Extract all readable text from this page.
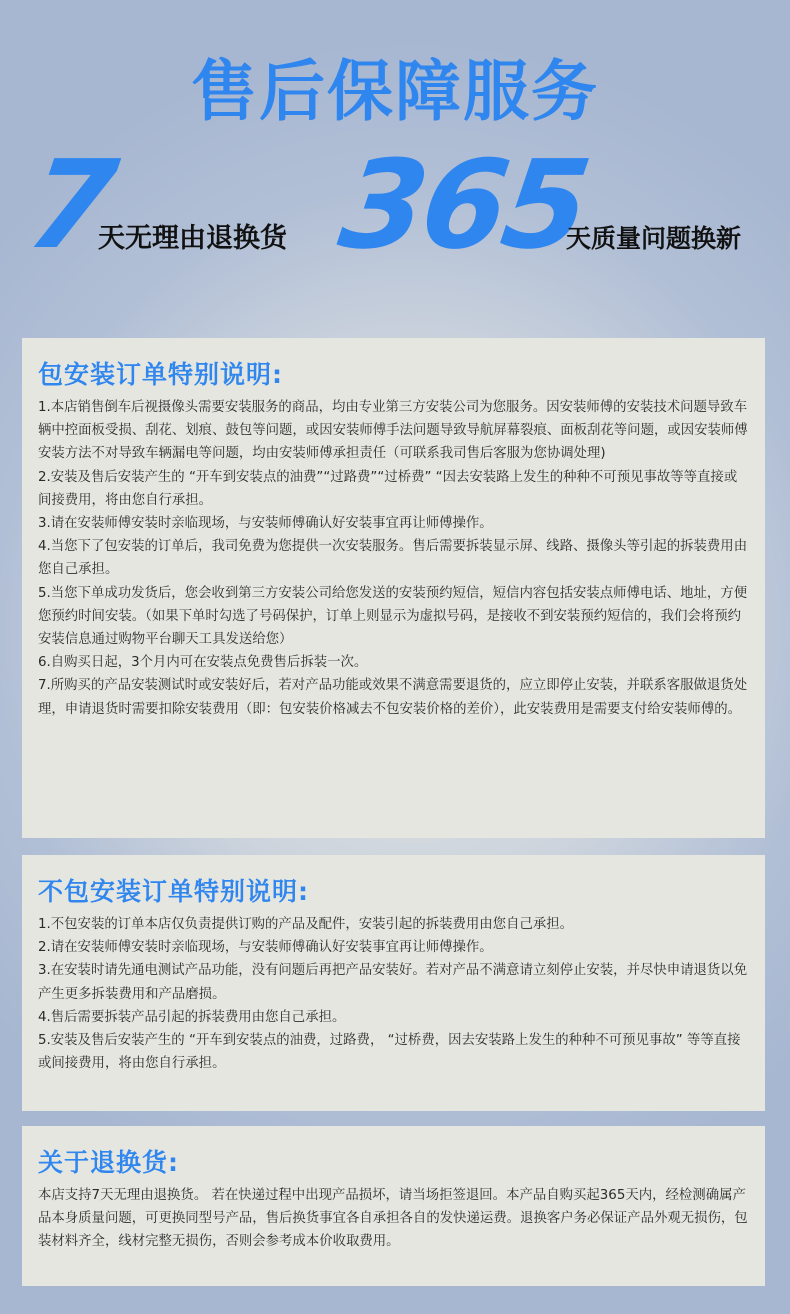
售后保障服务
7
天无理由退换货 365
天质量问题换新
包安装订单特别说明:

1.本店销售倒车后视摄像头需要安装服务的商品，均由专业第三方安装公司为您服务。因安装师傅的安装技术问题导致车辆中控面板受损、刮花、划痕、鼓包等问题，或因安装师傅手法问题导致导航屏幕裂痕、面板刮花等问题，或因安装师傅安装方法不对导致车辆漏电等问题，均由安装师傅承担责任（可联系我司售后客服为您协调处理)

2.安装及售后安装产生的 “开车到安装点的油费”“过路费”“过桥费” “因去安装路上发生的种种不可预见事故等等直接或间接费用，将由您自行承担。

3.请在安装师傅安装时亲临现场，与安装师傅确认好安装事宜再让师傅操作。

4.当您下了包安装的订单后，我司免费为您提供一次安装服务。售后需要拆装显示屏、线路、摄像头等引起的拆装费用由您自己承担。

5.当您下单成功发货后，您会收到第三方安装公司给您发送的安装预约短信，短信内容包括安装点师傅电话、地址，方便您预约时间安装。（如果下单时勾选了号码保护，订单上则显示为虚拟号码，是接收不到安装预约短信的，我们会将预约安装信息通过购物平台聊天工具发送给您）

6.自购买日起，3个月内可在安装点免费售后拆装一次。

7.所购买的产品安装测试时或安装好后，若对产品功能或效果不满意需要退货的，应立即停止安装，并联系客服做退货处理，申请退货时需要扣除安装费用（即：包安装价格减去不包安装价格的差价），此安装费用是需要支付给安装师傅的。

不包安装订单特别说明:

1.不包安装的订单本店仅负责提供订购的产品及配件，安装引起的拆装费用由您自己承担。

2.请在安装师傅安装时亲临现场，与安装师傅确认好安装事宜再让师傅操作。

3.在安装时请先通电测试产品功能，没有问题后再把产品安装好。若对产品不满意请立刻停止安装，并尽快申请退货以免产生更多拆装费用和产品磨损。

4.售后需要拆装产品引起的拆装费用由您自己承担。

5.安装及售后安装产生的 “开车到安装点的油费，过路费， “过桥费，因去安装路上发生的种种不可预见事故” 等等直接或间接费用，将由您自行承担。

关于退换货:

本店支持7天无理由退换货。 若在快递过程中出现产品损坏，请当场拒签退回。本产品自购买起365天内，经检测确属产品本身质量问题，可更换同型号产品，售后换货事宜各自承担各自的发快递运费。退换客户务必保证产品外观无损伤，包装材料齐全，线材完整无损伤，否则会参考成本价收取费用。
